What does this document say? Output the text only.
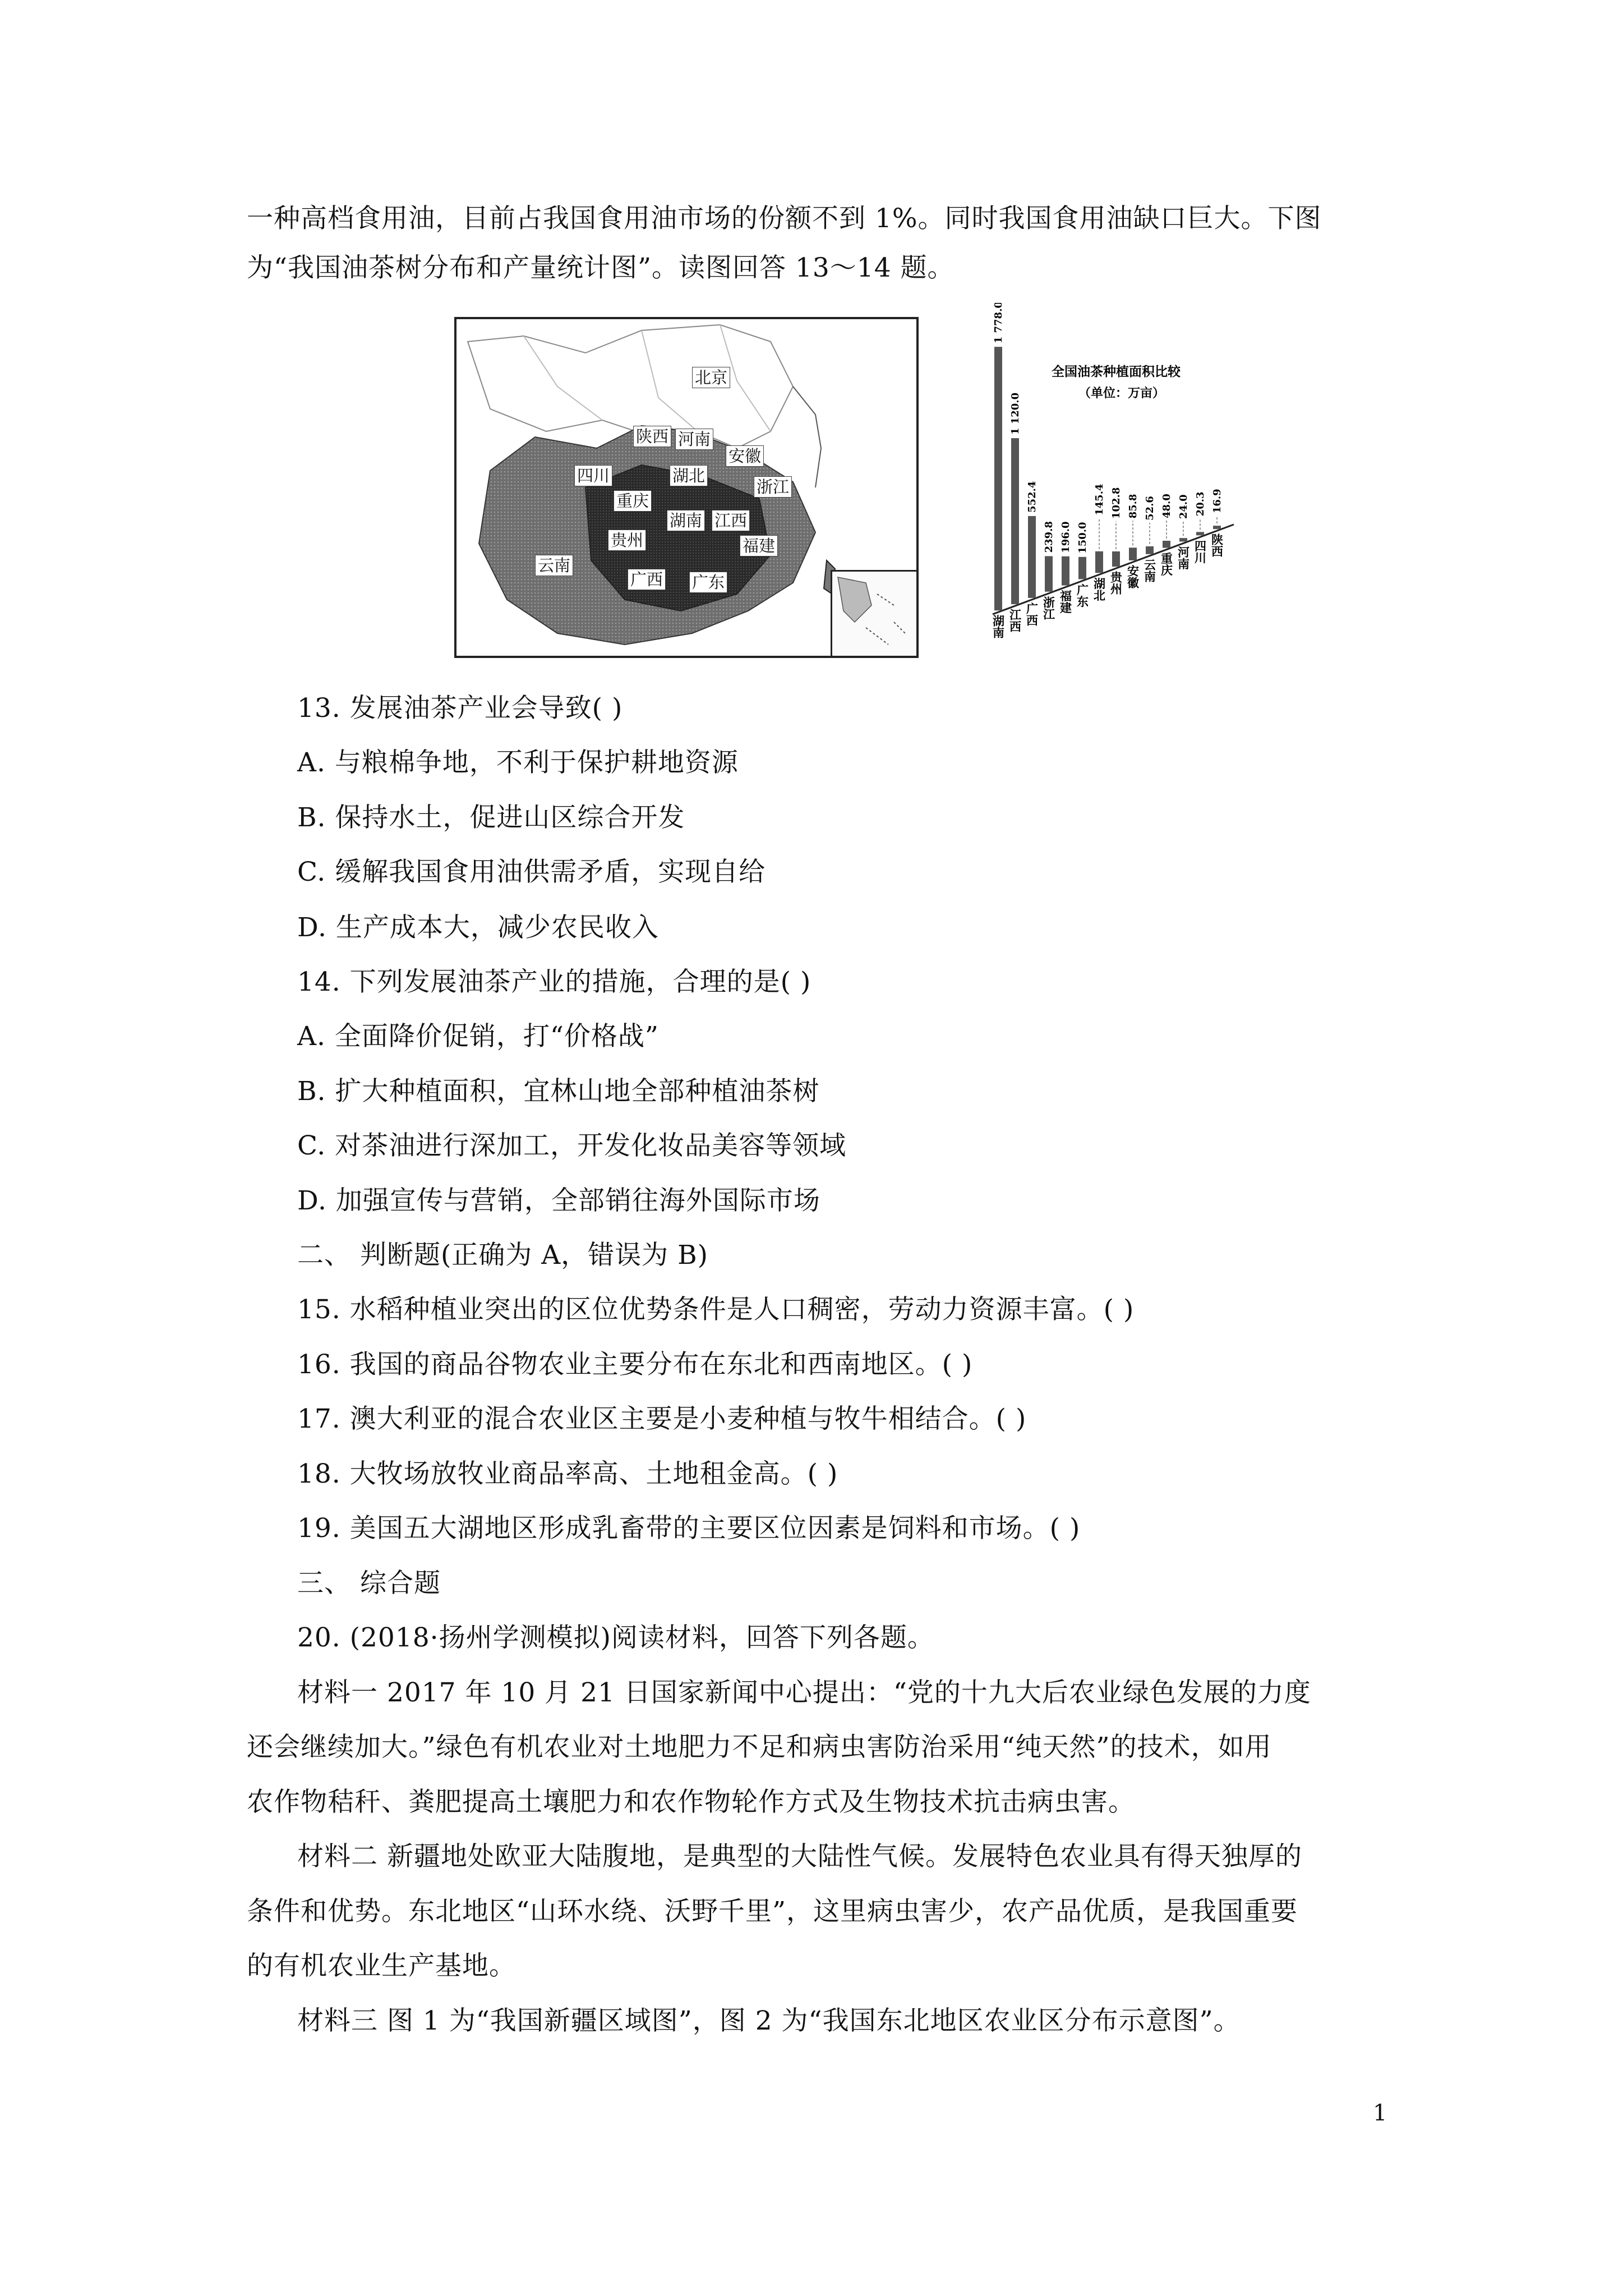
一种高档食用油，目前占我国食用油市场的份额不到 1%。同时我国食用油缺口巨大。下图
为“我国油茶树分布和产量统计图”。读图回答 13～14 题。
北京
陕西 河南
安徽
四川	湖北
浙江
重庆
湖南 江西
贵州	福建
云南
广西 广东
全国油茶种植面积比较
（单位：万亩）
1 778.0
湖南
1 120.0
江西
552.4
广西
239.8
浙江
196.0
福建
150.0
广东
145.4
湖北
102.8
贵州
85.8
安徽
52.6
云南
48.0
重庆
24.0
河南
20.3
四川
16.9
陕西
13. 发展油茶产业会导致( )
A. 与粮棉争地，不利于保护耕地资源
B. 保持水土，促进山区综合开发
C. 缓解我国食用油供需矛盾，实现自给
D. 生产成本大，减少农民收入
14. 下列发展油茶产业的措施，合理的是( )
A. 全面降价促销，打“价格战”
B. 扩大种植面积，宜林山地全部种植油茶树
C. 对茶油进行深加工，开发化妆品美容等领域
D. 加强宣传与营销，全部销往海外国际市场
二、 判断题(正确为 A，错误为 B)
15. 水稻种植业突出的区位优势条件是人口稠密，劳动力资源丰富。( )
16. 我国的商品谷物农业主要分布在东北和西南地区。( )
17. 澳大利亚的混合农业区主要是小麦种植与牧牛相结合。( )
18. 大牧场放牧业商品率高、土地租金高。( )
19. 美国五大湖地区形成乳畜带的主要区位因素是饲料和市场。( )
三、 综合题
20. (2018·扬州学测模拟)阅读材料，回答下列各题。
材料一 2017 年 10 月 21 日国家新闻中心提出：“党的十九大后农业绿色发展的力度
还会继续加大。”绿色有机农业对土地肥力不足和病虫害防治采用“纯天然”的技术，如用
农作物秸秆、粪肥提高土壤肥力和农作物轮作方式及生物技术抗击病虫害。
材料二 新疆地处欧亚大陆腹地，是典型的大陆性气候。发展特色农业具有得天独厚的
条件和优势。东北地区“山环水绕、沃野千里”，这里病虫害少，农产品优质，是我国重要
的有机农业生产基地。
材料三 图 1 为“我国新疆区域图”，图 2 为“我国东北地区农业区分布示意图”。
1
